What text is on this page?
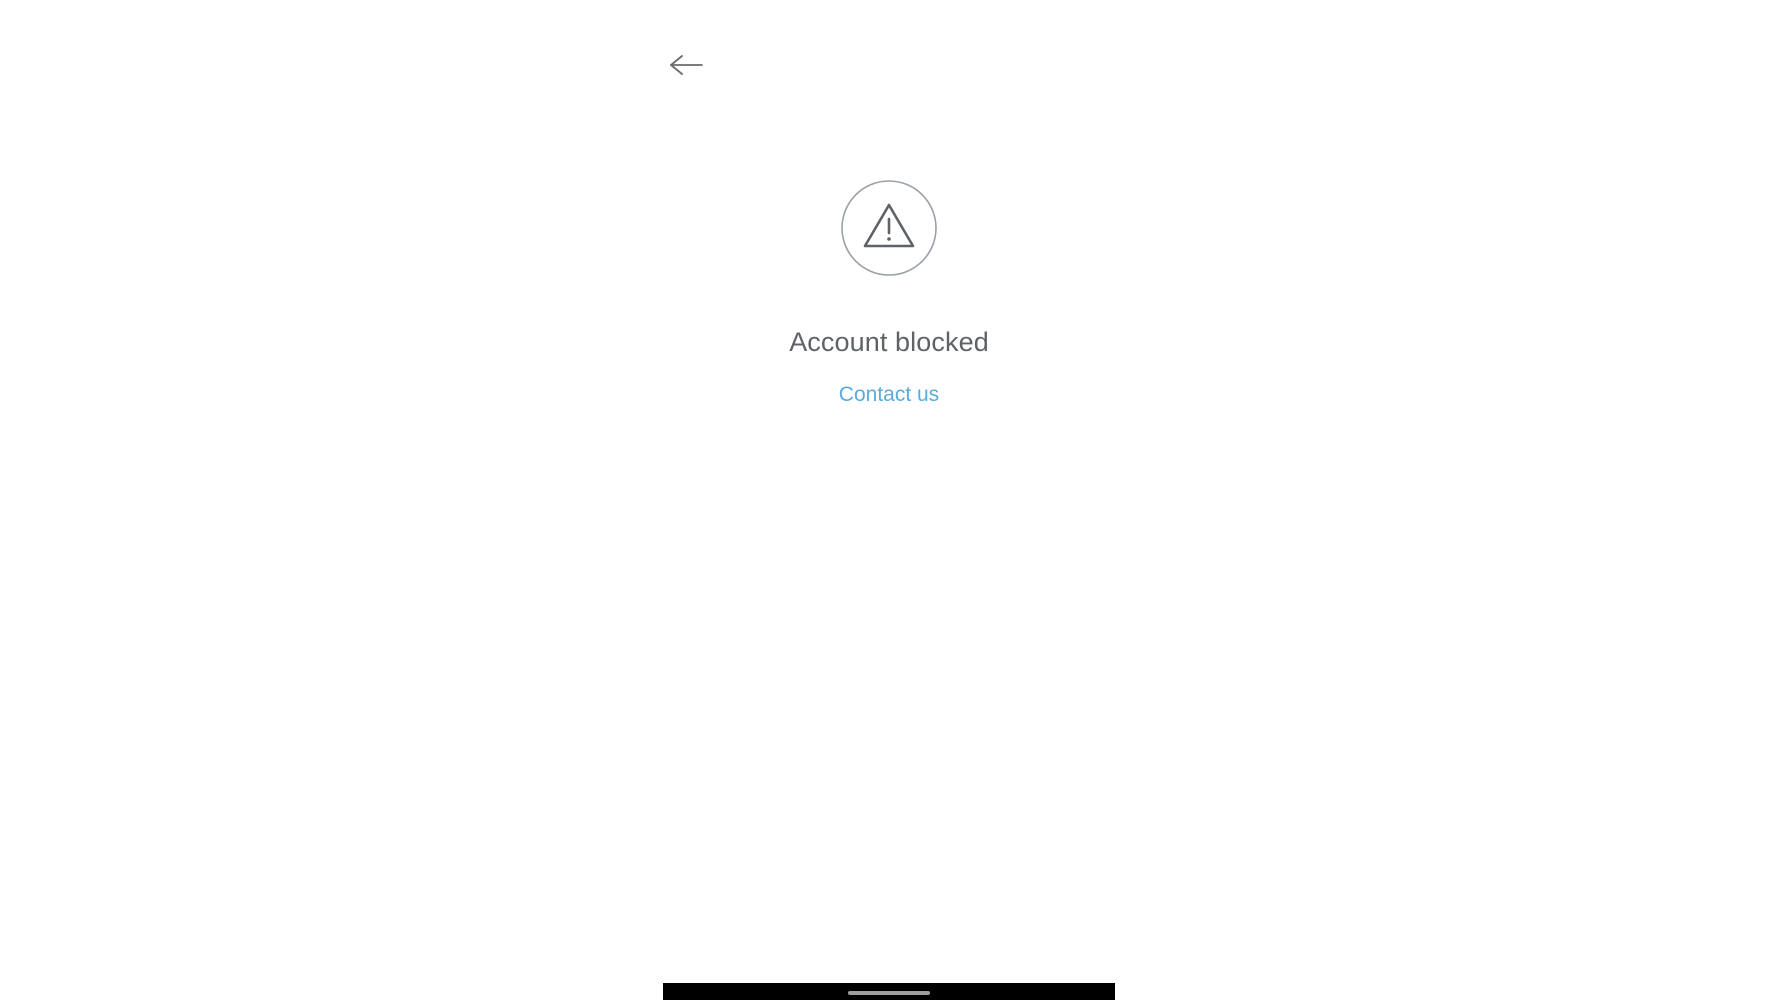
Account blocked
Contact us
